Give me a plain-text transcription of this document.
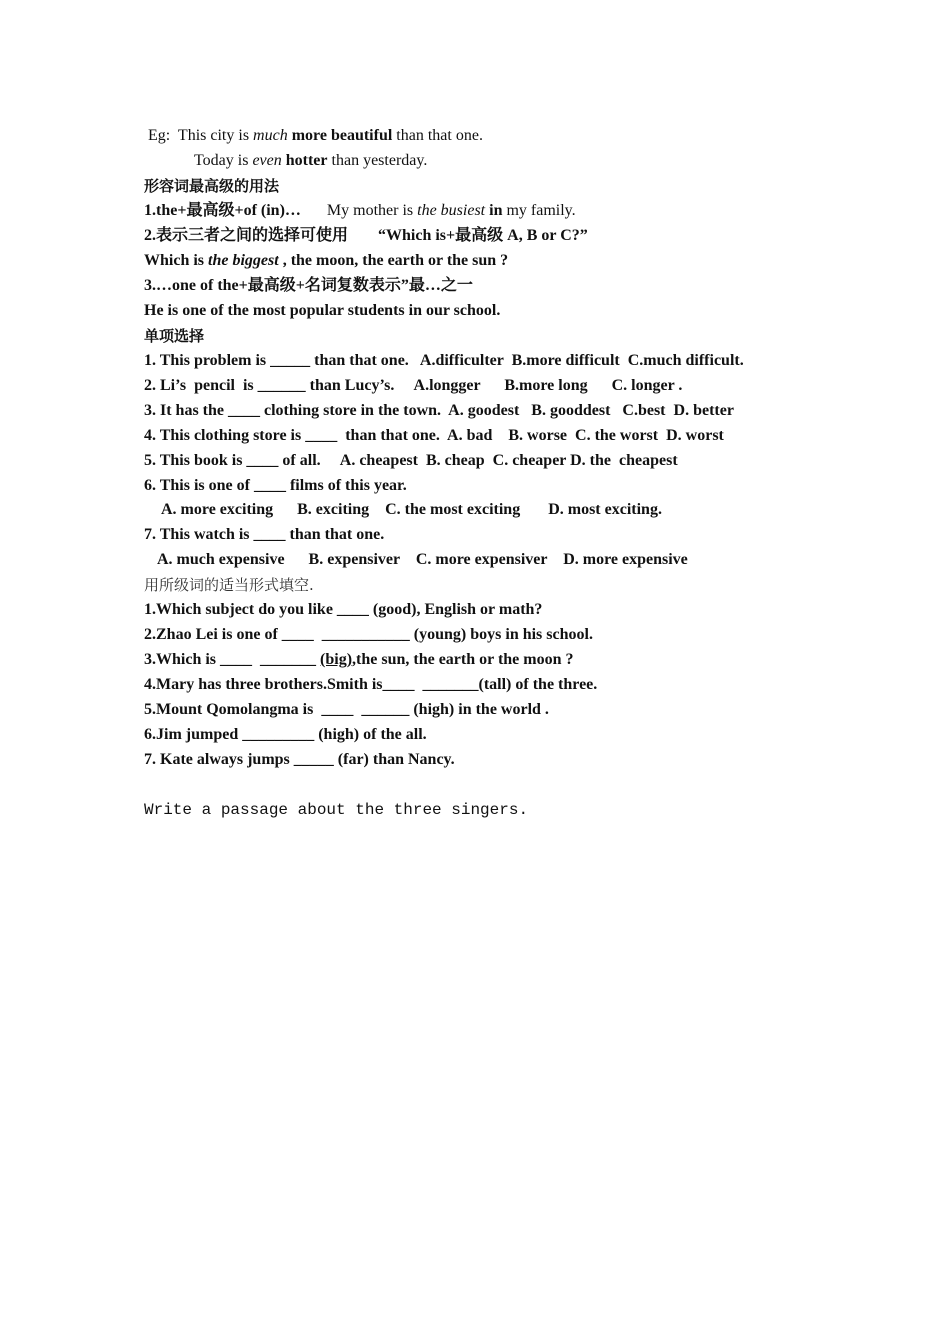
Eg:  This city is much more beautiful than that one.
Today is even hotter than yesterday.
形容词最高级的用法
1.the+最高级+of (in)… My mother is the busiest in my family.
2.表示三者之间的选择可使用 “Which is+最高级 A, B or C?”
Which is the biggest , the moon, the earth or the sun ?
3.…one of the+最高级+名词复数表示”最…之一
He is one of the most popular students in our school.
单项选择
1. This problem is _____ than that one.   A.difficulter  B.more difficult  C.much difficult.
2. Li’s  pencil  is ______ than Lucy’s.     A.longger      B.more long      C. longer .
3. It has the ____ clothing store in the town.  A. goodest   B. gooddest   C.best  D. better
4. This clothing store is ____  than that one.  A. bad    B. worse  C. the worst  D. worst
5. This book is ____ of all.     A. cheapest  B. cheap  C. cheaper D. the  cheapest
6. This is one of ____ films of this year.
A. more exciting      B. exciting    C. the most exciting       D. most exciting.
7. This watch is ____ than that one.
A. much expensive      B. expensiver    C. more expensiver    D. more expensive
用所级词的适当形式填空.
1.Which subject do you like ____ (good), English or math?
2.Zhao Lei is one of ____  ___________ (young) boys in his school.
3.Which is ____  _______ (big),the sun, the earth or the moon ?
4.Mary has three brothers.Smith is____  _______(tall) of the three.
5.Mount Qomolangma is  ____  ______ (high) in the world .
6.Jim jumped _________ (high) of the all.
7. Kate always jumps _____ (far) than Nancy.
Write a passage about the three singers.
